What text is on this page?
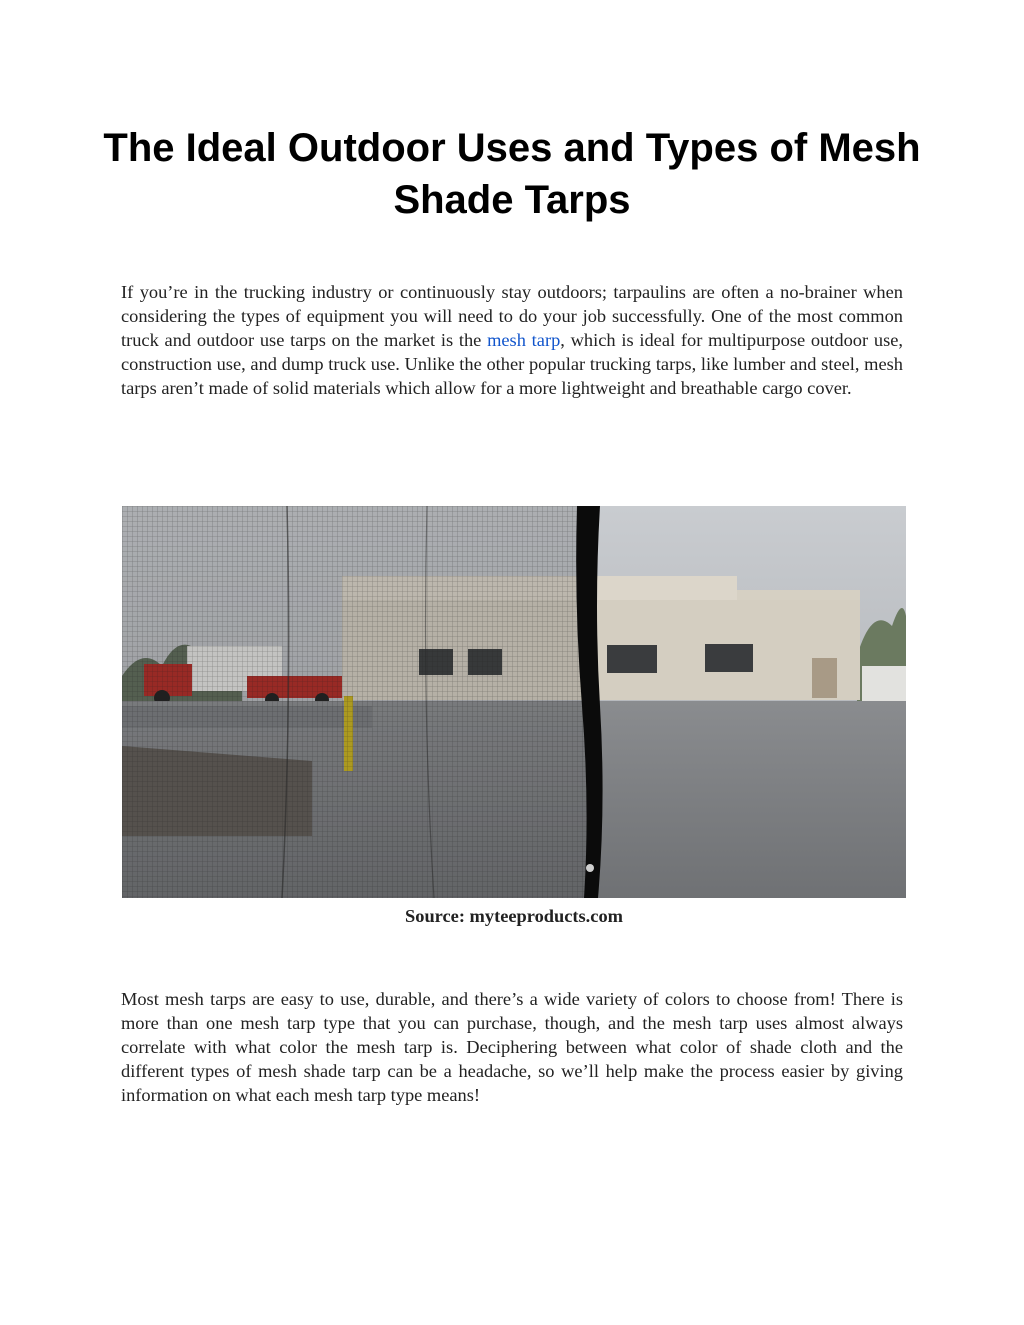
The Ideal Outdoor Uses and Types of Mesh Shade Tarps

If you’re in the trucking industry or continuously stay outdoors; tarpaulins are often a no-brainer when considering the types of equipment you will need to do your job successfully. One of the most common truck and outdoor use tarps on the market is the mesh tarp, which is ideal for multipurpose outdoor use, construction use, and dump truck use. Unlike the other popular trucking tarps, like lumber and steel, mesh tarps aren’t made of solid materials which allow for a more lightweight and breathable cargo cover.

Source: myteeproducts.com

Most mesh tarps are easy to use, durable, and there’s a wide variety of colors to choose from! There is more than one mesh tarp type that you can purchase, though, and the mesh tarp uses almost always correlate with what color the mesh tarp is. Deciphering between what color of shade cloth and the different types of mesh shade tarp can be a headache, so we’ll help make the process easier by giving information on what each mesh tarp type means!
